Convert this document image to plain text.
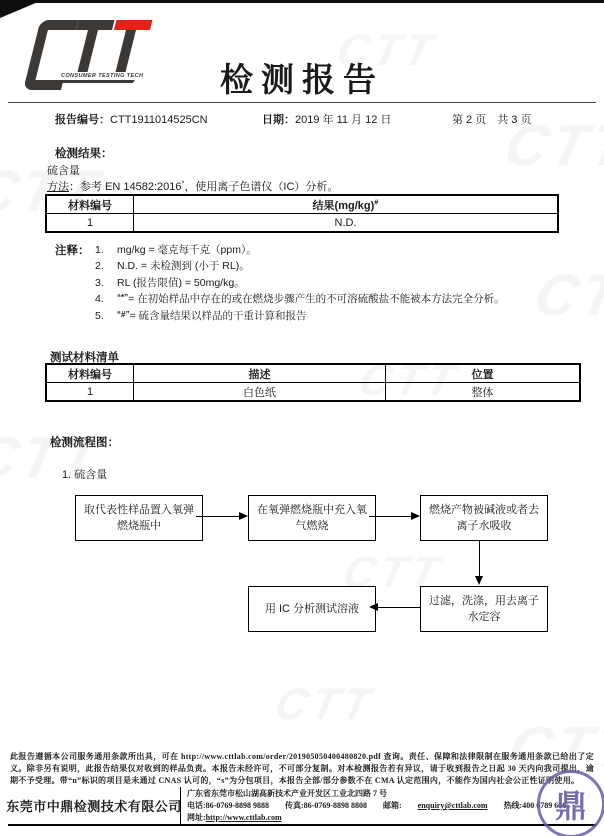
CONSUMER TESTING TECH	检测报告
报告编号：CTT1911014525CN	日期：2019 年 11 月 12 日	第 2 页　共 3 页
检测结果：
硫含量
方法：参考 EN 14582:2016*，使用离子色谱仪（IC）分析。
材料编号	结果(mg/kg)#
1	N.D.
注释： 1.	mg/kg = 毫克每千克（ppm）。
2.	N.D. = 未检测到 (小于 RL)。
3.	RL (报告限值) = 50mg/kg。
4.	“*” = 在初始样品中存在的或在燃烧步骤产生的不可溶硫酸盐不能被本方法完全分析。
5.	“#” = 硫含量结果以样品的干重计算和报告
测试材料清单
材料编号	描述	位置
1	白色纸	整体
检测流程图：
1. 硫含量
取代表性样品置入氧弹燃烧瓶中
在氧弹燃烧瓶中充入氧气燃烧
燃烧产物被碱液或者去离子水吸收
过滤，洗涤，用去离子水定容
用 IC 分析测试溶液
此报告遵循本公司服务通用条款所出具，可在 http://www.cttlab.com/order/201905050400480820.pdf 查询。责任、保障和法律限制在服务通用条款已给出了定义。除非另有说明，此报告结果仅对收到的样品负责。本报告未经许可，不可部分复制。对本检测报告若有异议，请于收到报告之日起 30 天内向我司提出，逾期不予受理。带“n”标识的项目是未通过 CNAS 认可的，“s”为分包项目，本报告全部/部分参数不在 CMA 认定范围内，不能作为国内社会公正性证明使用。
东莞市中鼎检测技术有限公司
广东省东莞市松山湖高新技术产业开发区工业北四路 7 号
电话:86-0769-8898 9888 传真:86-0769-8898 8808 邮箱: enquiry@cttlab.com 热线:400 6789 666
网址:http://www.cttlab.com	鼎
